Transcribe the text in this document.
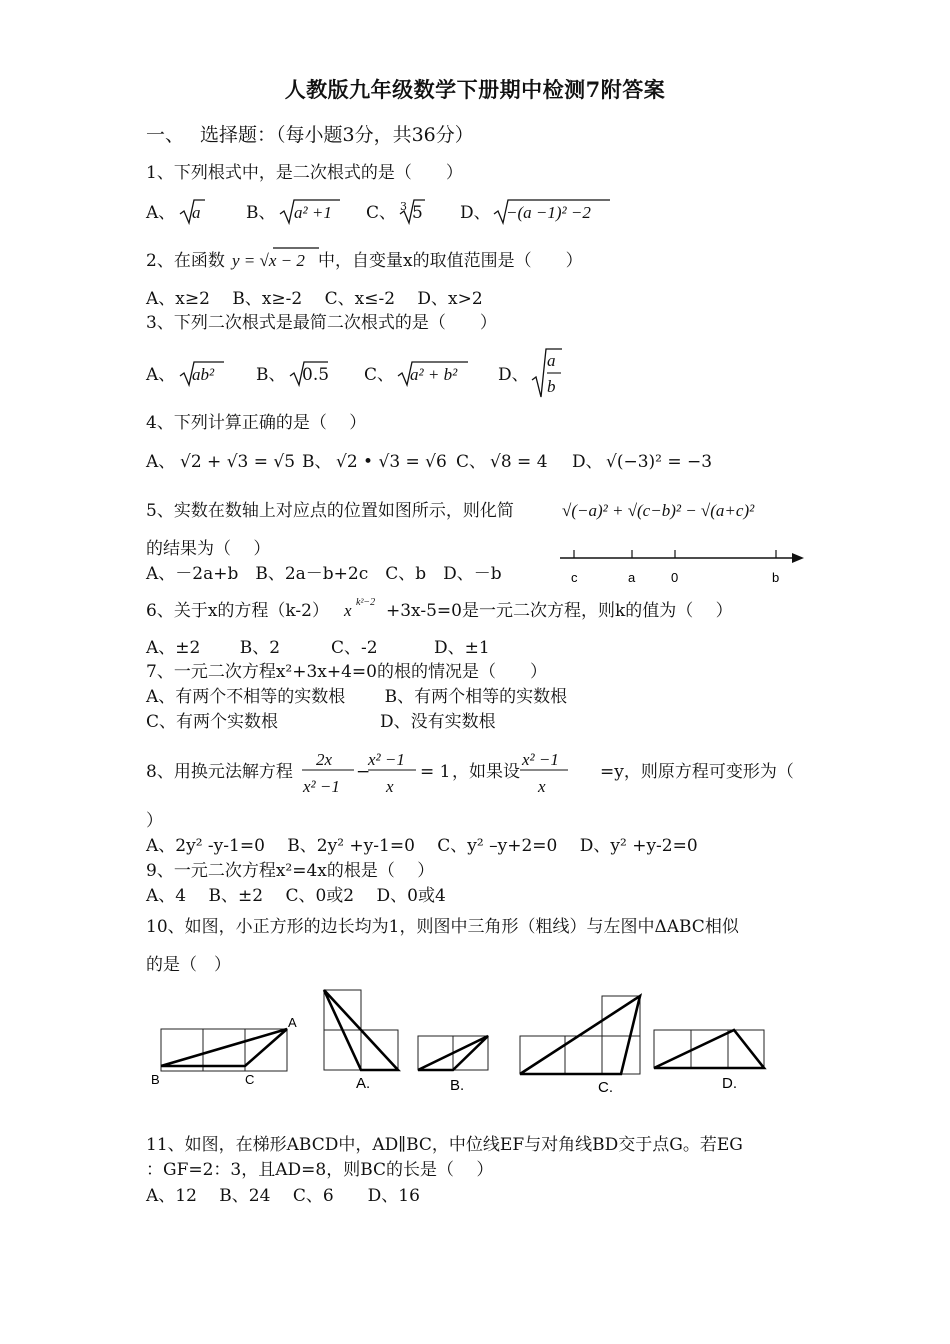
人教版九年级数学下册期中检测7附答案
一、 选择题：（每小题3分，共36分）
1、下列根式中，是二次根式的是（　　）
A、 a	B、 a² +1 C、 3 5 D、 −(a −1)² −2
2、在函数 y = √x − 2 中，自变量x的取值范围是（　　）
A、x≥2　 B、x≥-2　 C、x≤-2　 D、x>2
3、下列二次根式是最简二次根式的是（　　）
A、 ab² B、 0.5 C、 a² + b² D、
a
b
4、下列计算正确的是（　 ）
A、 √2 + √3 = √5 B、 √2 • √3 = √6 C、 √8 = 4 D、 √(−3)² = −3
5、实数在数轴上对应点的位置如图所示，则化简	√(−a)² + √(c−b)² − √(a+c)²
的结果为（　 ）
A、－2a+b　B、2a－b+2c　C、b　D、－b	c	a	0	b
6、关于x的方程（k-2） x k²−2 +3x-5=0是一元二次方程，则k的值为（　 ）
A、±2　　 B、2　　　C、-2　　　 D、±1
7、一元二次方程x²+3x+4=0的根的情况是（　　）
A、有两个不相等的实数根　　 B、有两个相等的实数根
C、有两个实数根　　　　　　D、没有实数根
8、用换元法解方程
2x
x² −1
−
x² −1
x
= 1 ，如果设
x² −1
x
=y，则原方程可变形为（
）
A、2y² -y-1=0　 B、2y² +y-1=0　 C、y² –y+2=0　 D、y² +y-2=0
9、一元二次方程x²=4x的根是（　 ）
A、4　 B、±2　 C、0或2　 D、0或4
10、如图，小正方形的边长均为1，则图中三角形（粗线）与左图中ΔABC相似
的是（　）
A
B	C	A.	B.	C.	D.
11、如图，在梯形ABCD中，AD∥BC，中位线EF与对角线BD交于点G。若EG
：GF=2：3，且AD=8，则BC的长是（　 ）
A、12　 B、24　 C、6　　D、16
